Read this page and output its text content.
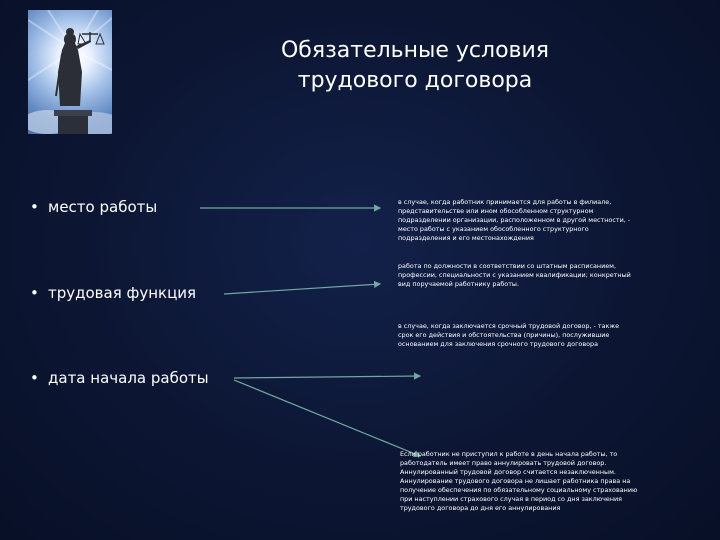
Обязательные условия
трудового договора
• место работы
• трудовая функция
• дата начала работы
в случае, когда работник принимается для работы в филиале,
представительстве или ином обособленном структурном
подразделении организации, расположенном в другой местности, -
место работы с указанием обособленного структурного
подразделения и его местонахождения
работа по должности в соответствии со штатным расписанием,
профессии, специальности с указанием квалификации; конкретный
вид поручаемой работнику работы.
в случае, когда заключается срочный трудовой договор, - также
срок его действия и обстоятельства (причины), послужившие
основанием для заключения срочного трудового договора
Если работник не приступил к работе в день начала работы, то
работодатель имеет право аннулировать трудовой договор.
Аннулированный трудовой договор считается незаключенным.
Аннулирование трудового договора не лишает работника права на
получение обеспечения по обязательному социальному страхованию
при наступлении страхового случая в период со дня заключения
трудового договора до дня его аннулирования
